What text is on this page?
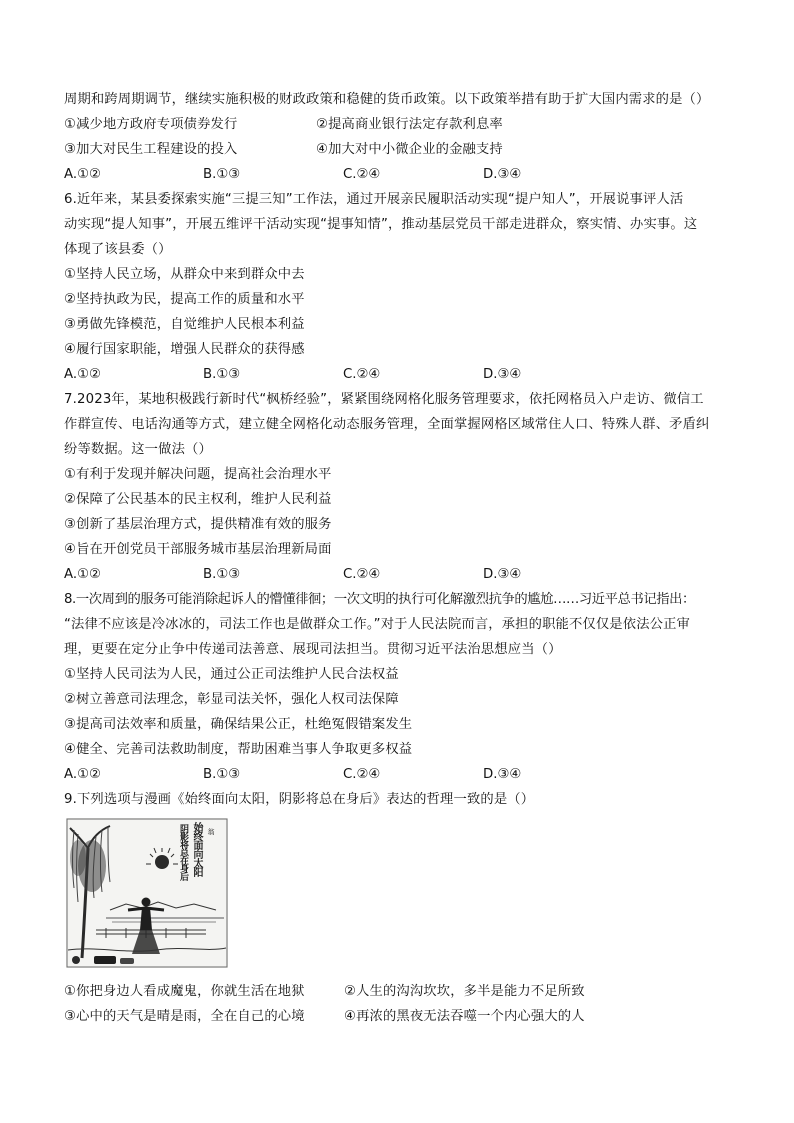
周期和跨周期调节，继续实施积极的财政政策和稳健的货币政策。以下政策举措有助于扩大国内需求的是（）
①减少地方政府专项债券发行	②提高商业银行法定存款利息率
③加大对民生工程建设的投入	④加大对中小微企业的金融支持
A.①②	B.①③	C.②④	D.③④
6.近年来，某县委探索实施“三提三知”工作法，通过开展亲民履职活动实现“提户知人”，开展说事评人活
动实现“提人知事”，开展五维评干活动实现“提事知情”，推动基层党员干部走进群众，察实情、办实事。这
体现了该县委（）
①坚持人民立场，从群众中来到群众中去
②坚持执政为民，提高工作的质量和水平
③勇做先锋模范，自觉维护人民根本利益
④履行国家职能，增强人民群众的获得感
A.①②	B.①③	C.②④	D.③④
7.2023年，某地积极践行新时代“枫桥经验”，紧紧围绕网格化服务管理要求，依托网格员入户走访、微信工
作群宣传、电话沟通等方式，建立健全网格化动态服务管理，全面掌握网格区域常住人口、特殊人群、矛盾纠
纷等数据。这一做法（）
①有利于发现并解决问题，提高社会治理水平
②保障了公民基本的民主权利，维护人民利益
③创新了基层治理方式，提供精准有效的服务
④旨在开创党员干部服务城市基层治理新局面
A.①②	B.①③	C.②④	D.③④
8.一次周到的服务可能消除起诉人的懵懂徘徊；一次文明的执行可化解激烈抗争的尴尬……习近平总书记指出：
“法律不应该是冷冰冰的，司法工作也是做群众工作。”对于人民法院而言，承担的职能不仅仅是依法公正审
理，更要在定分止争中传递司法善意、展现司法担当。贯彻习近平法治思想应当（）
①坚持人民司法为人民，通过公正司法维护人民合法权益
②树立善意司法理念，彰显司法关怀，强化人权司法保障
③提高司法效率和质量，确保结果公正，杜绝冤假错案发生
④健全、完善司法救助制度，帮助困难当事人争取更多权益
A.①②	B.①③	C.②④	D.③④
9.下列选项与漫画《始终面向太阳，阴影将总在身后》表达的哲理一致的是（）
始终面向太阳
阴影将总在身后	翁
①你把身边人看成魔鬼，你就生活在地狱	②人生的沟沟坎坎，多半是能力不足所致
③心中的天气是晴是雨，全在自己的心境	④再浓的黑夜无法吞噬一个内心强大的人
